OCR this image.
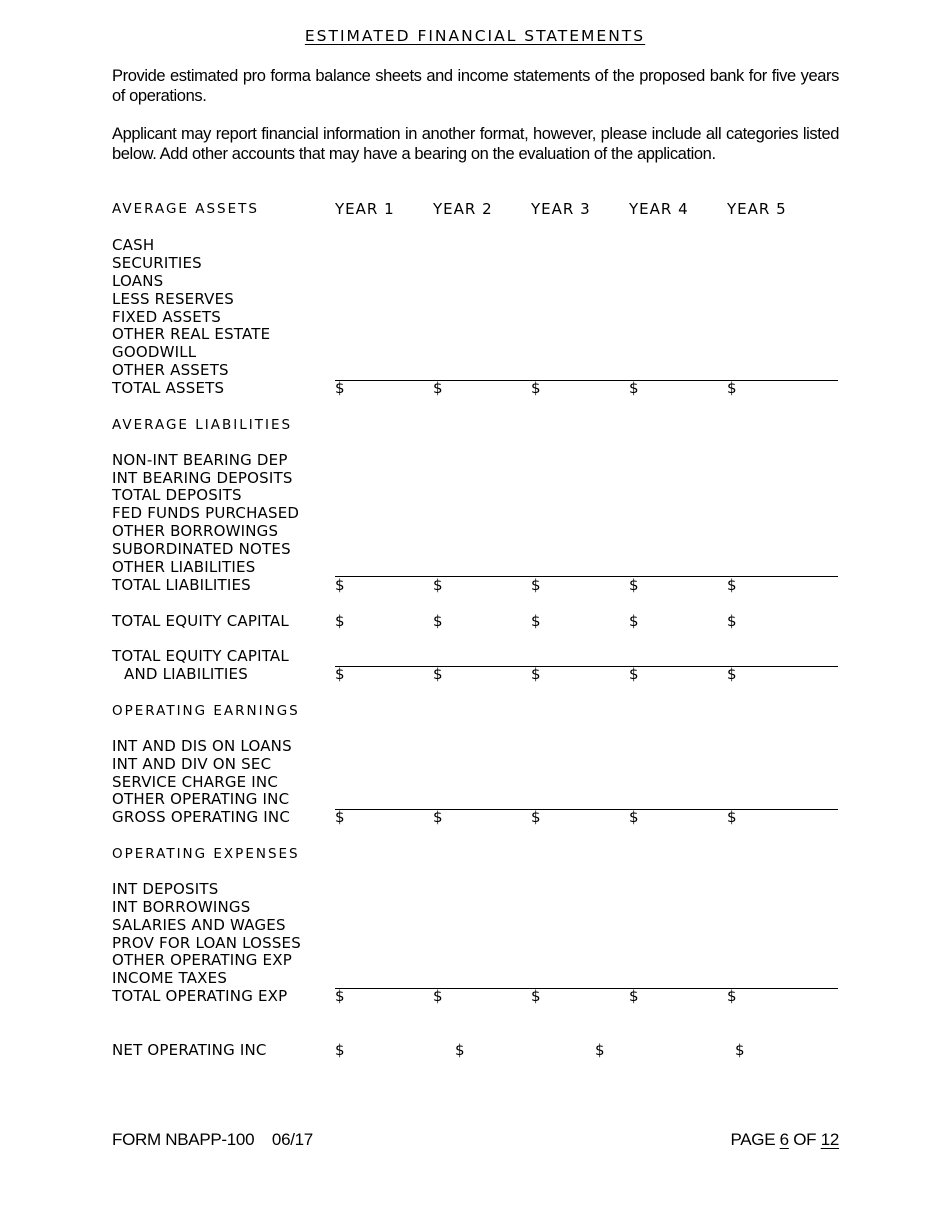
ESTIMATED FINANCIAL STATEMENTS
Provide estimated pro forma balance sheets and income statements of the proposed bank for five years of operations.
Applicant may report financial information in another format, however, please include all categories listed below. Add other accounts that may have a bearing on the evaluation of the application.
AVERAGE ASSETS	YEAR 1	YEAR 2	YEAR 3	YEAR 4	YEAR 5
CASH
SECURITIES
LOANS
LESS RESERVES
FIXED ASSETS
OTHER REAL ESTATE
GOODWILL
OTHER ASSETS
TOTAL ASSETS	$	$	$	$	$
AVERAGE LIABILITIES
NON-INT BEARING DEP
INT BEARING DEPOSITS
TOTAL DEPOSITS
FED FUNDS PURCHASED
OTHER BORROWINGS
SUBORDINATED NOTES
OTHER LIABILITIES
TOTAL LIABILITIES	$	$	$	$	$
TOTAL EQUITY CAPITAL	$	$	$	$	$
TOTAL EQUITY CAPITAL
AND LIABILITIES	$	$	$	$	$
OPERATING EARNINGS
INT AND DIS ON LOANS
INT AND DIV ON SEC
SERVICE CHARGE INC
OTHER OPERATING INC
GROSS OPERATING INC	$	$	$	$	$
OPERATING EXPENSES
INT DEPOSITS
INT BORROWINGS
SALARIES AND WAGES
PROV FOR LOAN LOSSES
OTHER OPERATING EXP
INCOME TAXES
TOTAL OPERATING EXP	$	$	$	$	$
NET OPERATING INC	$	$	$	$
FORM NBAPP-100    06/17	PAGE 6 OF 12
